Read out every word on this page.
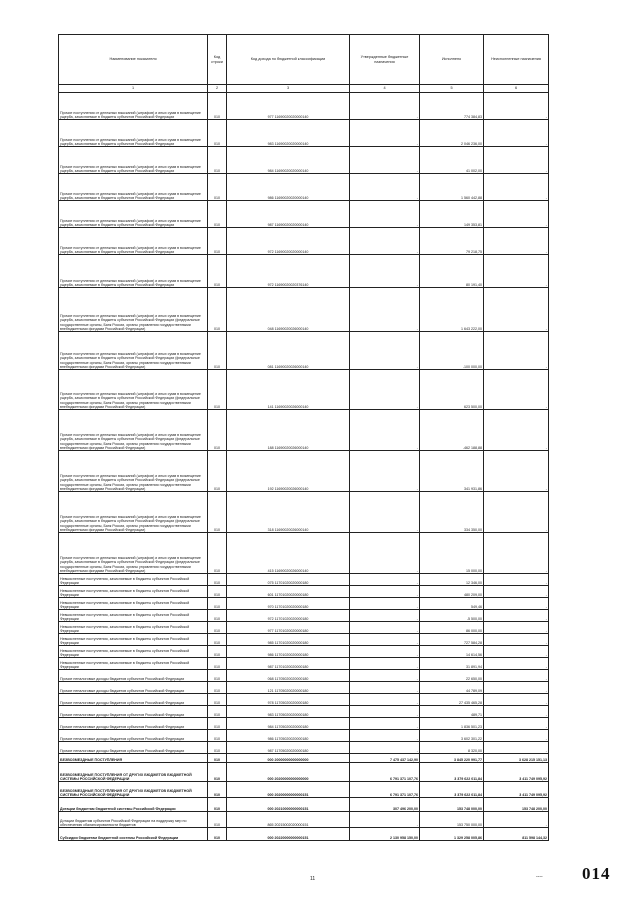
Наименование показателя	Код строки	Код дохода по бюджетной классификации	Утвержденные бюджетные назначения	Исполнено	Неисполненные назначения
1	2	3	4	5	6
Прочие поступления от денежных взысканий (штрафов) и иных сумм в возмещение ущерба, зачисляемые в бюджеты субъектов Российской Федерации	010	977 11690020020000140	-	774 384,83	-
Прочие поступления от денежных взысканий (штрафов) и иных сумм в возмещение ущерба, зачисляемые в бюджеты субъектов Российской Федерации	010	983 11690020020000140	-	2 046 236,00	-
Прочие поступления от денежных взысканий (штрафов) и иных сумм в возмещение ущерба, зачисляемые в бюджеты субъектов Российской Федерации	010	984 11690020020000140	-	41 002,00	-
Прочие поступления от денежных взысканий (штрафов) и иных сумм в возмещение ущерба, зачисляемые в бюджеты субъектов Российской Федерации	010	986 11690020020000140	-	1 560 442,88	-
Прочие поступления от денежных взысканий (штрафов) и иных сумм в возмещение ущерба, зачисляемые в бюджеты субъектов Российской Федерации	010	987 11690020020000140	-	149 353,81	-
Прочие поступления от денежных взысканий (штрафов) и иных сумм в возмещение ущерба, зачисляемые в бюджеты субъектов Российской Федерации	010	972 11690020020000140	-	79 218,75	-
Прочие поступления от денежных взысканий (штрафов) и иных сумм в возмещение ущерба, зачисляемые в бюджеты субъектов Российской Федерации	010	972 11690020020376140	-	80 191,40	-
Прочие поступления от денежных взысканий (штрафов) и иных сумм в возмещение ущерба, зачисляемые в бюджеты субъектов Российской Федерации (федеральные государственные органы, Банк России, органы управления государственными внебюджетными фондами Российской Федерации)	010	048 11690020026000140	-	1 643 222,00	-
Прочие поступления от денежных взысканий (штрафов) и иных сумм в возмещение ущерба, зачисляемые в бюджеты субъектов Российской Федерации (федеральные государственные органы, Банк России, органы управления государственными внебюджетными фондами Российской Федерации)	010	081 11690020026000140	-	-100 000,00	-
Прочие поступления от денежных взысканий (штрафов) и иных сумм в возмещение ущерба, зачисляемые в бюджеты субъектов Российской Федерации (федеральные государственные органы, Банк России, органы управления государственными внебюджетными фондами Российской Федерации)	010	141 11690020026000140	-	623 500,00	-
Прочие поступления от денежных взысканий (штрафов) и иных сумм в возмещение ущерба, зачисляемые в бюджеты субъектов Российской Федерации (федеральные государственные органы, Банк России, органы управления государственными внебюджетными фондами Российской Федерации)	010	188 11690020026000140	-	-462 188,88	-
Прочие поступления от денежных взысканий (штрафов) и иных сумм в возмещение ущерба, зачисляемые в бюджеты субъектов Российской Федерации (федеральные государственные органы, Банк России, органы управления государственными внебюджетными фондами Российской Федерации)	010	192 11690020026000140	-	341 931,86	-
Прочие поступления от денежных взысканий (штрафов) и иных сумм в возмещение ущерба, зачисляемые в бюджеты субъектов Российской Федерации (федеральные государственные органы, Банк России, органы управления государственными внебюджетными фондами Российской Федерации)	010	318 11690020026000140	-	334 350,00	-
Прочие поступления от денежных взысканий (штрафов) и иных сумм в возмещение ущерба, зачисляемые в бюджеты субъектов Российской Федерации (федеральные государственные органы, Банк России, органы управления государственными внебюджетными фондами Российской Федерации)	010	415 11690020026000140	-	15 000,00	-
Невыясненные поступления, зачисляемые в бюджеты субъектов Российской Федерации	010	075 11701020020000180	-	12 346,00	-
Невыясненные поступления, зачисляемые в бюджеты субъектов Российской Федерации	010	601 11701020020000180	-	480 209,00	-
Невыясненные поступления, зачисляемые в бюджеты субъектов Российской Федерации	010	970 11701020020000180	-	549,46	-
Невыясненные поступления, зачисляемые в бюджеты субъектов Российской Федерации	010	972 11701020020000180	-	-5 500,00	-
Невыясненные поступления, зачисляемые в бюджеты субъектов Российской Федерации	010	977 11701020020000180	-	86 000,00	-
Невыясненные поступления, зачисляемые в бюджеты субъектов Российской Федерации	010	985 11701020020000180	-	727 584,28	-
Невыясненные поступления, зачисляемые в бюджеты субъектов Российской Федерации	010	986 11701020020000180	-	14 614,56	-
Невыясненные поступления, зачисляемые в бюджеты субъектов Российской Федерации	010	987 11701020020000180	-	31 891,94	-
Прочие неналоговые доходы бюджетов субъектов Российской Федерации	010	068 11705020020000180	-	22 650,00	-
Прочие неналоговые доходы бюджетов субъектов Российской Федерации	010	121 11705020020000180	-	44 789,09	-
Прочие неналоговые доходы бюджетов субъектов Российской Федерации	010	978 11705020020000180	-	27 435 465,28	-
Прочие неналоговые доходы бюджетов субъектов Российской Федерации	010	983 11705020020000180	-	489,71	-
Прочие неналоговые доходы бюджетов субъектов Российской Федерации	010	984 11705020020000180	-	1 836 501,23	-
Прочие неналоговые доходы бюджетов субъектов Российской Федерации	010	986 11705020020000180	-	3 602 301,22	-
Прочие неналоговые доходы бюджетов субъектов Российской Федерации	010	987 11705020020000180	-	8 320,00	-
БЕЗВОЗМЕЗДНЫЕ ПОСТУПЛЕНИЯ	010	000 20000000000000000	7 475 437 142,90	3 845 220 991,77	3 628 215 151,13
БЕЗВОЗМЕЗДНЫЕ ПОСТУПЛЕНИЯ ОТ ДРУГИХ БЮДЖЕТОВ БЮДЖЕТНОЙ СИСТЕМЫ РОССИЙСКОЙ ФЕДЕРАЦИИ	010	000 20200000000000000	6 791 371 107,76	3 379 622 011,84	3 411 749 095,92
БЕЗВОЗМЕЗДНЫЕ ПОСТУПЛЕНИЯ ОТ ДРУГИХ БЮДЖЕТОВ БЮДЖЕТНОЙ СИСТЕМЫ РОССИЙСКОЙ ФЕДЕРАЦИИ	010	000 20200000000000151	6 791 371 107,76	3 379 622 011,84	3 411 749 095,92
Дотации бюджетам бюджетной системы Российской Федерации	010	000 20210000000000151	307 496 200,00	153 748 000,00	153 748 200,00
Дотации бюджетам субъектов Российской Федерации на поддержку мер по обеспечению сбалансированности бюджетов	010	865 20215002020000151	-	153 750 000,00	-
Субсидии бюджетам бюджетной системы Российской Федерации	010	000 20220000000000151	2 130 958 150,00	1 329 258 005,86	811 598 144,32
11	---- 014
